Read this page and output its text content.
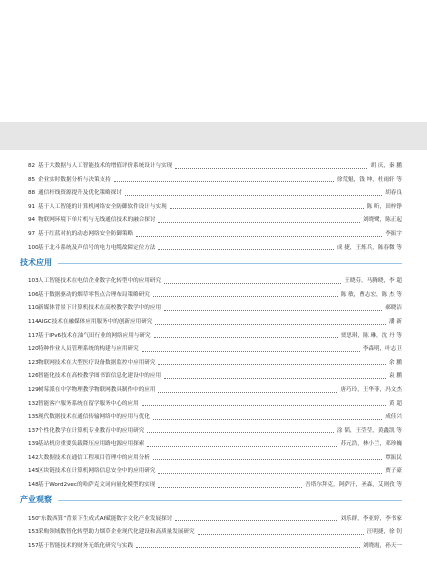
82 基于大数据与人工智能技术的增值评价系统设计与实现	胡 庆，秦 鹏
85 企业实时数据分析与决策支持	徐荒魁，钱 坤，杜雨轩 等
88 通信杆线资源提升及优化策略探讨	胡春良
91 基于人工智能的计算机网络安全防御软件设计与实现	陈 昕，田梓铮
94 物联网环境下单片机与无线通信技术的融合探讨	刘晓鹭，陈正起
97 基于红蓝对抗的动态网络安全防御策略	李振宇
100 基于北斗系统及声信号的电力电缆故障定位方法	成 捷，王炼兵，陈春微 等
技术应用
103 人工智能技术在电信企业数字化转型中的应用研究	王晓芬，马腾晓，李 超
106 基于数据驱动的烟草零售点合理布局策略研究	陈 敏，曹志宏，陈 杰 等
110 新媒体背景下计算机技术在高校教学数学中的应用	郝晓洁
114 AIGC技术在融媒体应用服务中的创新应用研究	潘 新
117 基于IPv6技术在油气田行业的网络应用与研究	贾思琪，陈 琳，沈 丹 等
120 特种作业人员管理系统的构建与应用研究	李森明，叶志卫
123 物联网技术在大型医疗设备数据监控中应用研究	余 鹏
126 智能化技术在高校教学图书馆信息化建设中的应用	袁 鹏
129 树莓派在中学物理教学物联网教具制作中的应用	唐巧玲，王华菲，冯文杰
132 智能客户服务系统在留学服务中心的应用	黄 超
135 现代数据技术在通信传输网络中的应用与优化	成佳兴
137 个性化教学在计算机专业教育中的应用研究	涂 韬，王莹莹，黄鑫凯 等
139 基站机房重要负载降压应用路电源应用探索	苏元浩，林小兰，邓珍巍
142 大数据技术在通信工程项目管理中的应用分析	覃振民
145 区块链技术在计算机网络信息安全中的应用研究	贾子豪
148 基于Word2vec的哈萨克文词向量化模型的实现	吾塔尔拜克，阿萨汗，圣森，艾则孜 等
产业观察
150 “东数西算”背景下生成式AI赋能数字文化产业发展探讨	刘乐群，李亚婷，李书家
153 采购领域数智化转型助力烟草企业现代化建设和高质量发展研究	汪明捷，徐 钊
157 基于智能技术的财务无纸化研究与实践	刘晓霞，孙天一
